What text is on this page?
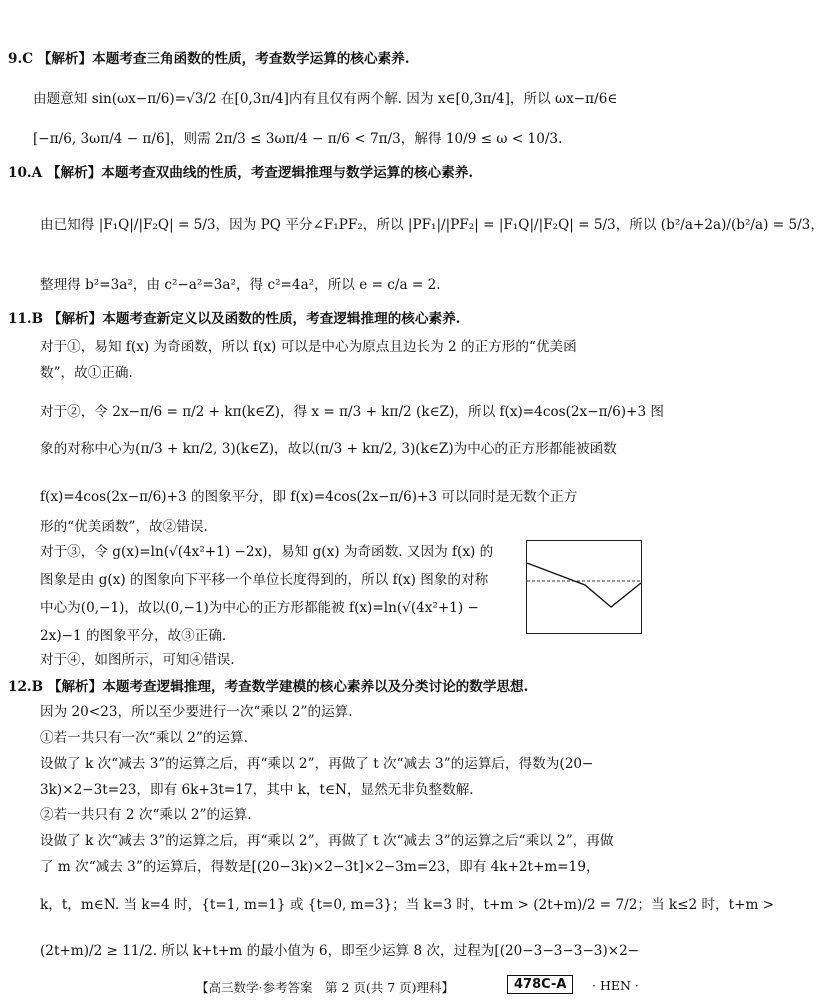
9.C 【解析】本题考查三角函数的性质，考查数学运算的核心素养.
由题意知 sin(ωx−π/6)=√3/2 在[0,3π/4]内有且仅有两个解. 因为 x∈[0,3π/4]，所以 ωx−π/6∈
[−π/6, 3ωπ/4 − π/6]，则需 2π/3 ≤ 3ωπ/4 − π/6 < 7π/3，解得 10/9 ≤ ω < 10/3.
10.A 【解析】本题考查双曲线的性质，考查逻辑推理与数学运算的核心素养.
由已知得 |F₁Q|/|F₂Q| = 5/3，因为 PQ 平分∠F₁PF₂，所以 |PF₁|/|PF₂| = |F₁Q|/|F₂Q| = 5/3，所以 (b²/a+2a)/(b²/a) = 5/3，
整理得 b²=3a²，由 c²−a²=3a²，得 c²=4a²，所以 e = c/a = 2.
11.B 【解析】本题考查新定义以及函数的性质，考查逻辑推理的核心素养.
对于①，易知 f(x) 为奇函数，所以 f(x) 可以是中心为原点且边长为 2 的正方形的“优美函
数”，故①正确.
对于②，令 2x−π/6 = π/2 + kπ(k∈Z)，得 x = π/3 + kπ/2 (k∈Z)，所以 f(x)=4cos(2x−π/6)+3 图
象的对称中心为(π/3 + kπ/2, 3)(k∈Z)，故以(π/3 + kπ/2, 3)(k∈Z)为中心的正方形都能被函数
f(x)=4cos(2x−π/6)+3 的图象平分，即 f(x)=4cos(2x−π/6)+3 可以同时是无数个正方
形的“优美函数”，故②错误.
对于③，令 g(x)=ln(√(4x²+1) −2x)，易知 g(x) 为奇函数. 又因为 f(x) 的
图象是由 g(x) 的图象向下平移一个单位长度得到的，所以 f(x) 图象的对称
中心为(0,−1)，故以(0,−1)为中心的正方形都能被 f(x)=ln(√(4x²+1) −
2x)−1 的图象平分，故③正确.
对于④，如图所示，可知④错误.
12.B 【解析】本题考查逻辑推理，考查数学建模的核心素养以及分类讨论的数学思想.
因为 20<23，所以至少要进行一次“乘以 2”的运算.
①若一共只有一次“乘以 2”的运算.
设做了 k 次“减去 3”的运算之后，再“乘以 2”，再做了 t 次“减去 3”的运算后，得数为(20−
3k)×2−3t=23，即有 6k+3t=17，其中 k，t∈N，显然无非负整数解.
②若一共只有 2 次“乘以 2”的运算.
设做了 k 次“减去 3”的运算之后，再“乘以 2”，再做了 t 次“减去 3”的运算之后“乘以 2”，再做
了 m 次“减去 3”的运算后，得数是[(20−3k)×2−3t]×2−3m=23，即有 4k+2t+m=19，
k，t，m∈N. 当 k=4 时，{t=1, m=1} 或 {t=0, m=3}；当 k=3 时，t+m > (2t+m)/2 = 7/2；当 k≤2 时，t+m >
(2t+m)/2 ≥ 11/2. 所以 k+t+m 的最小值为 6，即至少运算 8 次，过程为[(20−3−3−3−3)×2−
【高三数学·参考答案　第 2 页(共 7 页)理科】	478C-A	· HEN ·
